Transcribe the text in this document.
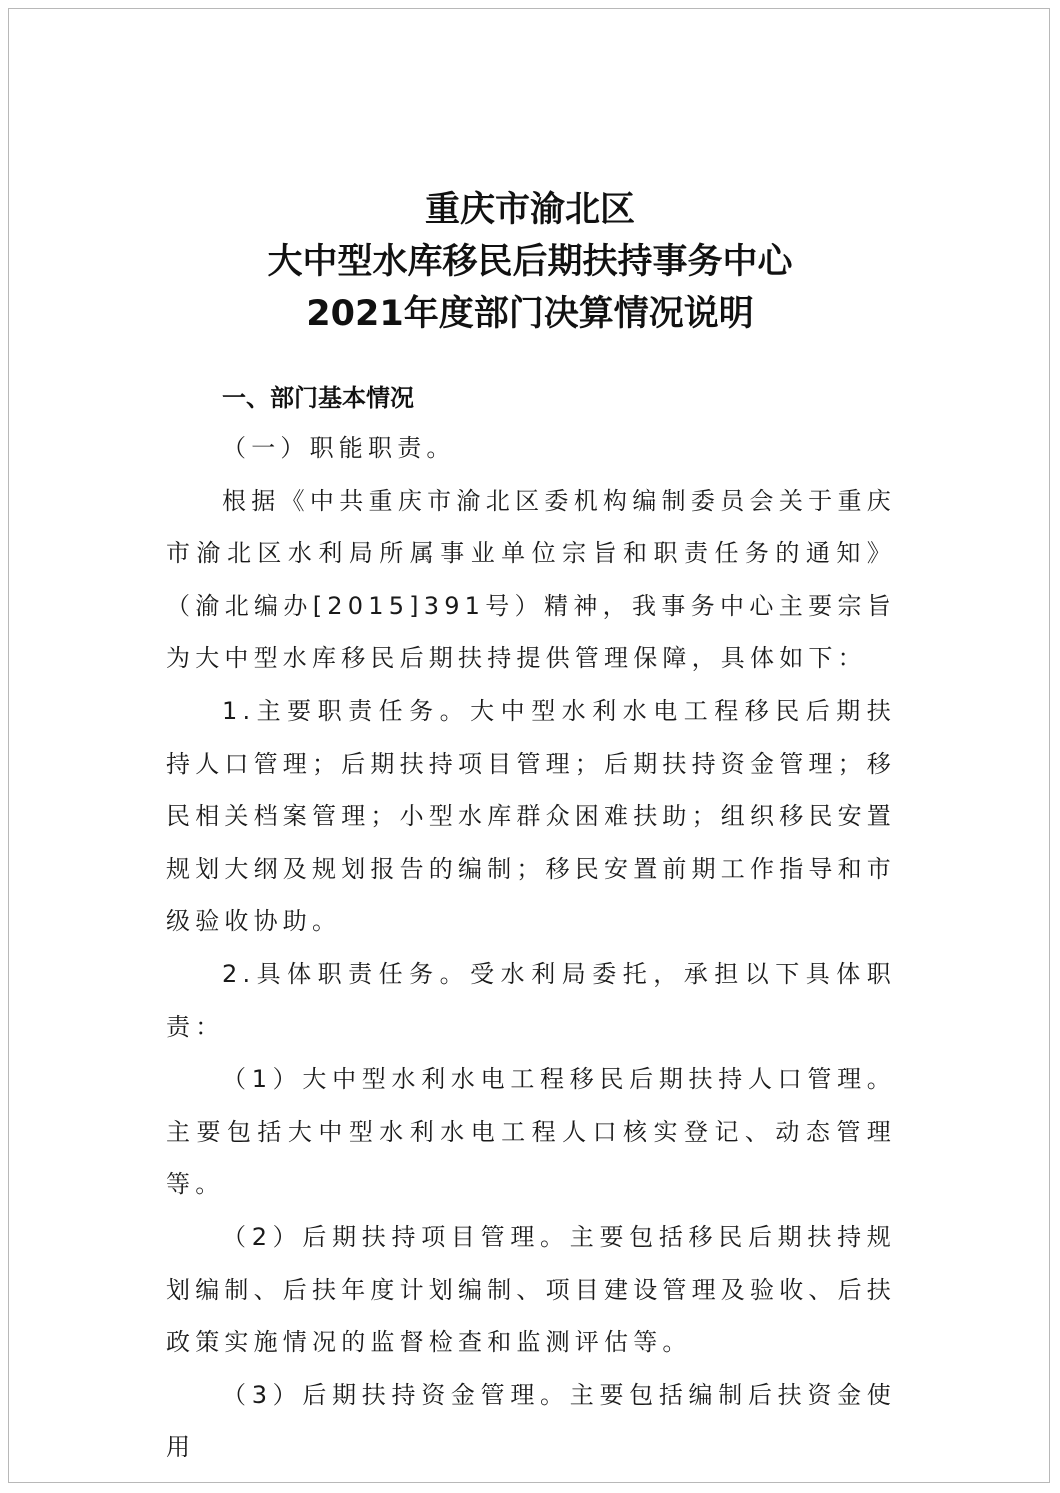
重庆市渝北区
大中型水库移民后期扶持事务中心
2021年度部门决算情况说明

一、部门基本情况

（一）职能职责。

根据《中共重庆市渝北区委机构编制委员会关于重庆市渝北区水利局所属事业单位宗旨和职责任务的通知》（渝北编办[2015]391号）精神，我事务中心主要宗旨为大中型水库移民后期扶持提供管理保障，具体如下：

1.主要职责任务。大中型水利水电工程移民后期扶持人口管理；后期扶持项目管理；后期扶持资金管理；移民相关档案管理；小型水库群众困难扶助；组织移民安置规划大纲及规划报告的编制；移民安置前期工作指导和市级验收协助。

2.具体职责任务。受水利局委托，承担以下具体职责：

（1）大中型水利水电工程移民后期扶持人口管理。主要包括大中型水利水电工程人口核实登记、动态管理等。

（2）后期扶持项目管理。主要包括移民后期扶持规划编制、后扶年度计划编制、项目建设管理及验收、后扶政策实施情况的监督检查和监测评估等。

（3）后期扶持资金管理。主要包括编制后扶资金使用
